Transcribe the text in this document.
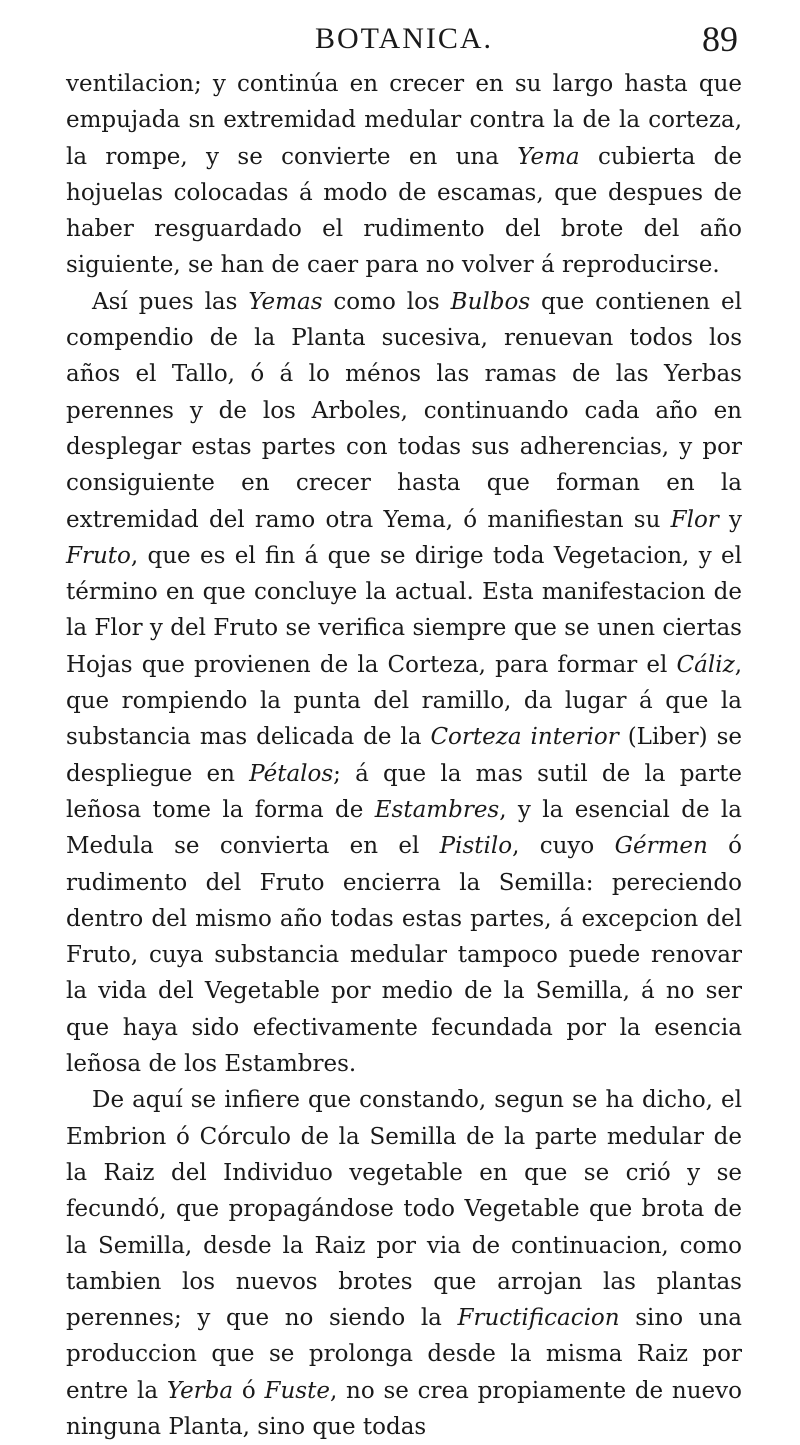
BOTANICA.	89

ventilacion; y continúa en crecer en su largo hasta que empujada sn extremidad medular contra la de la corteza, la rompe, y se convierte en una Yema cubierta de hojuelas colocadas á modo de escamas, que despues de haber resguardado el rudimento del brote del año siguiente, se han de caer para no volver á reproducirse.

Así pues las Yemas como los Bulbos que contienen el compendio de la Planta sucesiva, renuevan todos los años el Tallo, ó á lo ménos las ramas de las Yerbas perennes y de los Arboles, continuando cada año en desplegar estas partes con todas sus adherencias, y por consiguiente en crecer hasta que forman en la extremidad del ramo otra Yema, ó manifiestan su Flor y Fruto, que es el fin á que se dirige toda Vegetacion, y el término en que concluye la actual. Esta manifestacion de la Flor y del Fruto se verifica siempre que se unen ciertas Hojas que provienen de la Corteza, para formar el Cáliz, que rompiendo la punta del ramillo, da lugar á que la substancia mas delicada de la Corteza interior (Liber) se despliegue en Pétalos; á que la mas sutil de la parte leñosa tome la forma de Estambres, y la esencial de la Medula se convierta en el Pistilo, cuyo Gérmen ó rudimento del Fruto encierra la Semilla: pereciendo dentro del mismo año todas estas partes, á excepcion del Fruto, cuya substancia medular tampoco puede renovar la vida del Vegetable por medio de la Semilla, á no ser que haya sido efectivamente fecundada por la esencia leñosa de los Estambres.

De aquí se infiere que constando, segun se ha dicho, el Embrion ó Córculo de la Semilla de la parte medular de la Raiz del Individuo vegetable en que se crió y se fecundó, que propagándose todo Vegetable que brota de la Semilla, desde la Raiz por via de continuacion, como tambien los nuevos brotes que arrojan las plantas perennes; y que no siendo la Fructificacion sino una produccion que se prolonga desde la misma Raiz por entre la Yerba ó Fuste, no se crea propiamente de nuevo ninguna Planta, sino que todas
